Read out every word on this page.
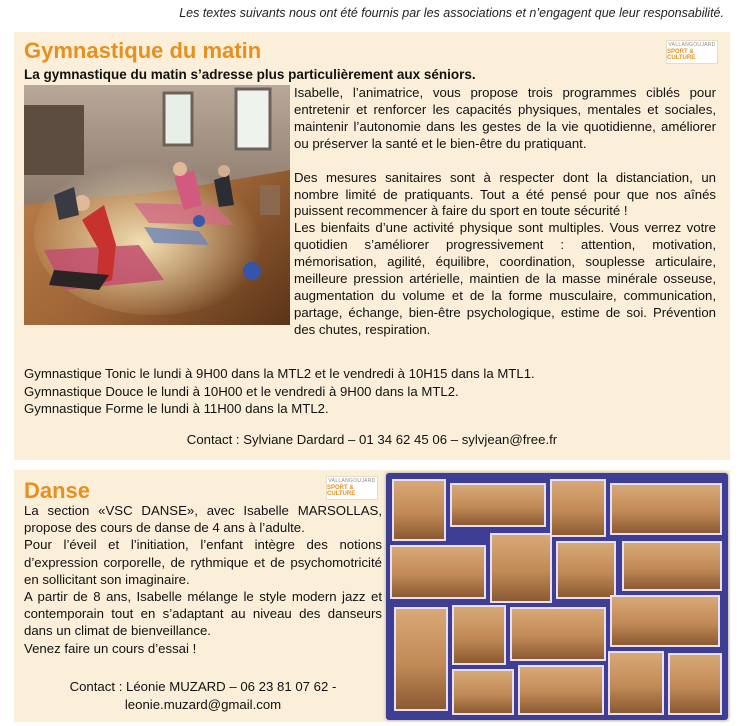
Les textes suivants nous ont été fournis par les associations et n’engagent que leur responsabilité.
Gymnastique du matin	VALLANGOUJARD
SPORT & CULTURE
La gymnastique du matin s’adresse plus particulièrement aux séniors.

Isabelle, l’animatrice, vous propose trois programmes ciblés pour entretenir et renforcer les capacités physiques, mentales et sociales, maintenir l’autonomie dans les gestes de la vie quotidienne, améliorer ou préserver la santé et le bien-être du pratiquant.

Des mesures sanitaires sont à respecter dont la distanciation, un nombre limité de pratiquants. Tout a été pensé pour que nos aînés puissent recommencer à faire du sport en toute sécurité !

Les bienfaits d’une activité physique sont multiples. Vous verrez votre quotidien s’améliorer progressivement : attention, motivation, mémorisation, agilité, équilibre, coordination, souplesse articulaire, meilleure pression artérielle, maintien de la masse minérale osseuse, augmentation du volume et de la forme musculaire, communication, partage, échange, bien-être psychologique, estime de soi. Prévention des chutes, respiration.

Gymnastique Tonic le lundi à 9H00 dans la MTL2 et le vendredi à 10H15 dans la MTL1.
Gymnastique Douce le lundi à 10H00 et le vendredi à 9H00 dans la MTL2.
Gymnastique Forme le lundi à 11H00 dans la MTL2.
Contact : Sylviane Dardard – 01 34 62 45 06 – sylvjean@free.fr
Danse	VALLANGOUJARD
SPORT & CULTURE

La section «VSC DANSE», avec Isabelle MARSOLLAS, propose des cours de danse de 4 ans à l’adulte.

Pour l’éveil et l’initiation, l’enfant intègre des notions d’expression corporelle, de rythmique et de psychomotricité en sollicitant son imaginaire.

A partir de 8 ans, Isabelle mélange le style modern jazz et contemporain tout en s’adaptant au niveau des danseurs dans un climat de bienveillance.

Venez faire un cours d’essai !

Contact : Léonie MUZARD – 06 23 81 07 62 -
leonie.muzard@gmail.com
